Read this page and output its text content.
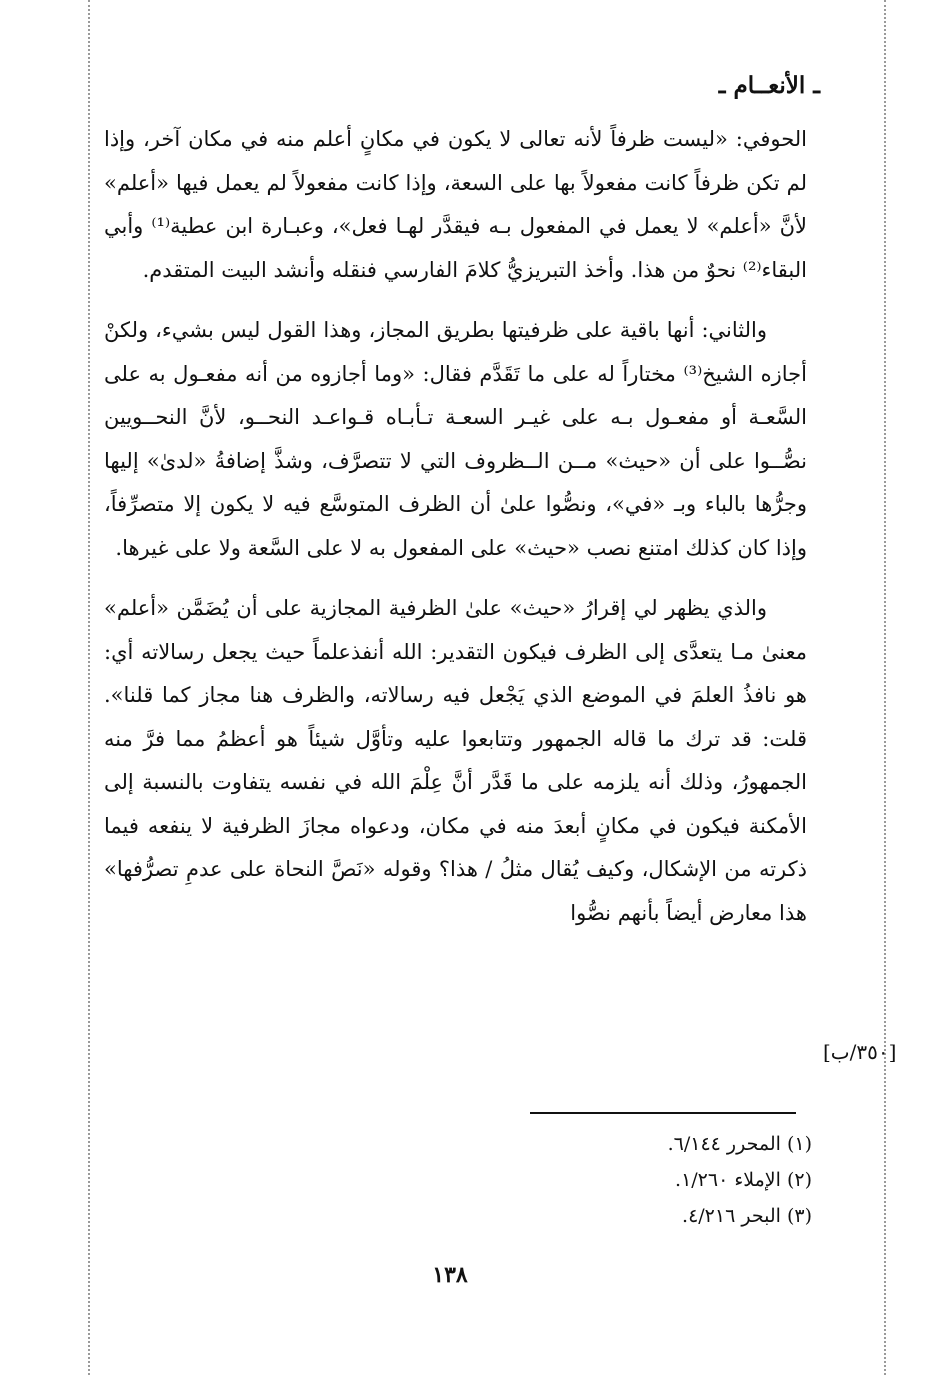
ـ الأنعــام ـ

الحوفي: «ليست ظرفاً لأنه تعالى لا يكون في مكانٍ أعلم منه في مكان آخر، وإذا لم تكن ظرفاً كانت مفعولاً بها على السعة، وإذا كانت مفعولاً لم يعمل فيها «أعلم» لأنَّ «أعلم» لا يعمل في المفعول بـه فيقدَّر لهـا فعل»، وعبـارة ابن عطية⁽¹⁾ وأبي البقاء⁽²⁾ نحوٌ من هذا. وأخذ التبريزيُّ كلامَ الفارسي فنقله وأنشد البيت المتقدم.

والثاني: أنها باقية على ظرفيتها بطريق المجاز، وهذا القول ليس بشيء، ولكنْ أجازه الشيخ⁽³⁾ مختاراً له على ما تَقَدَّم فقال: «وما أجازوه من أنه مفعـول به على السَّعـة أو مفعـول بـه على غيـر السعـة تـأبـاه قـواعـد النحــو، لأنَّ النحــويين نصُّــوا على أن «حيث» مــن الــظروف التي لا تتصرَّف، وشذَّ إضافةُ «لدىٰ» إليها وجرُّها بالباء وبـ «في»، ونصُّوا علىٰ أن الظرف المتوسَّع فيه لا يكون إلا متصرِّفاً، وإذا كان كذلك امتنع نصب «حيث» على المفعول به لا على السَّعة ولا على غيرها.

والذي يظهر لي إقرارُ «حيث» علىٰ الظرفية المجازية على أن يُضَمَّن «أعلم» معنىٰ مـا يتعدَّى إلى الظرف فيكون التقدير: الله أنفذعلماً حيث يجعل رسالاته أي: هو نافذُ العلمَ في الموضع الذي يَجْعل فيه رسالاته، والظرف هنا مجاز كما قلنا». قلت: قد ترك ما قاله الجمهور وتتابعوا عليه وتأوَّل شيئاً هو أعظمُ مما فرَّ منه الجمهورُ، وذلك أنه يلزمه على ما قَدَّر أنَّ عِلْمَ الله في نفسه يتفاوت بالنسبة إلى الأمكنة فيكون في مكانٍ أبعدَ منه في مكان، ودعواه مجازَ الظرفية لا ينفعه فيما ذكرته من الإشكال، وكيف يُقال مثلُ / هذا؟ وقوله «نَصَّ النحاة على عدمِ تصرُّفها» هذا معارض أيضاً بأنهم نصُّوا

[٣٥٠/ب]
(١) المحرر ٦/١٤٤.
(٢) الإملاء ١/٢٦٠.
(٣) البحر ٤/٢١٦.
١٣٨
